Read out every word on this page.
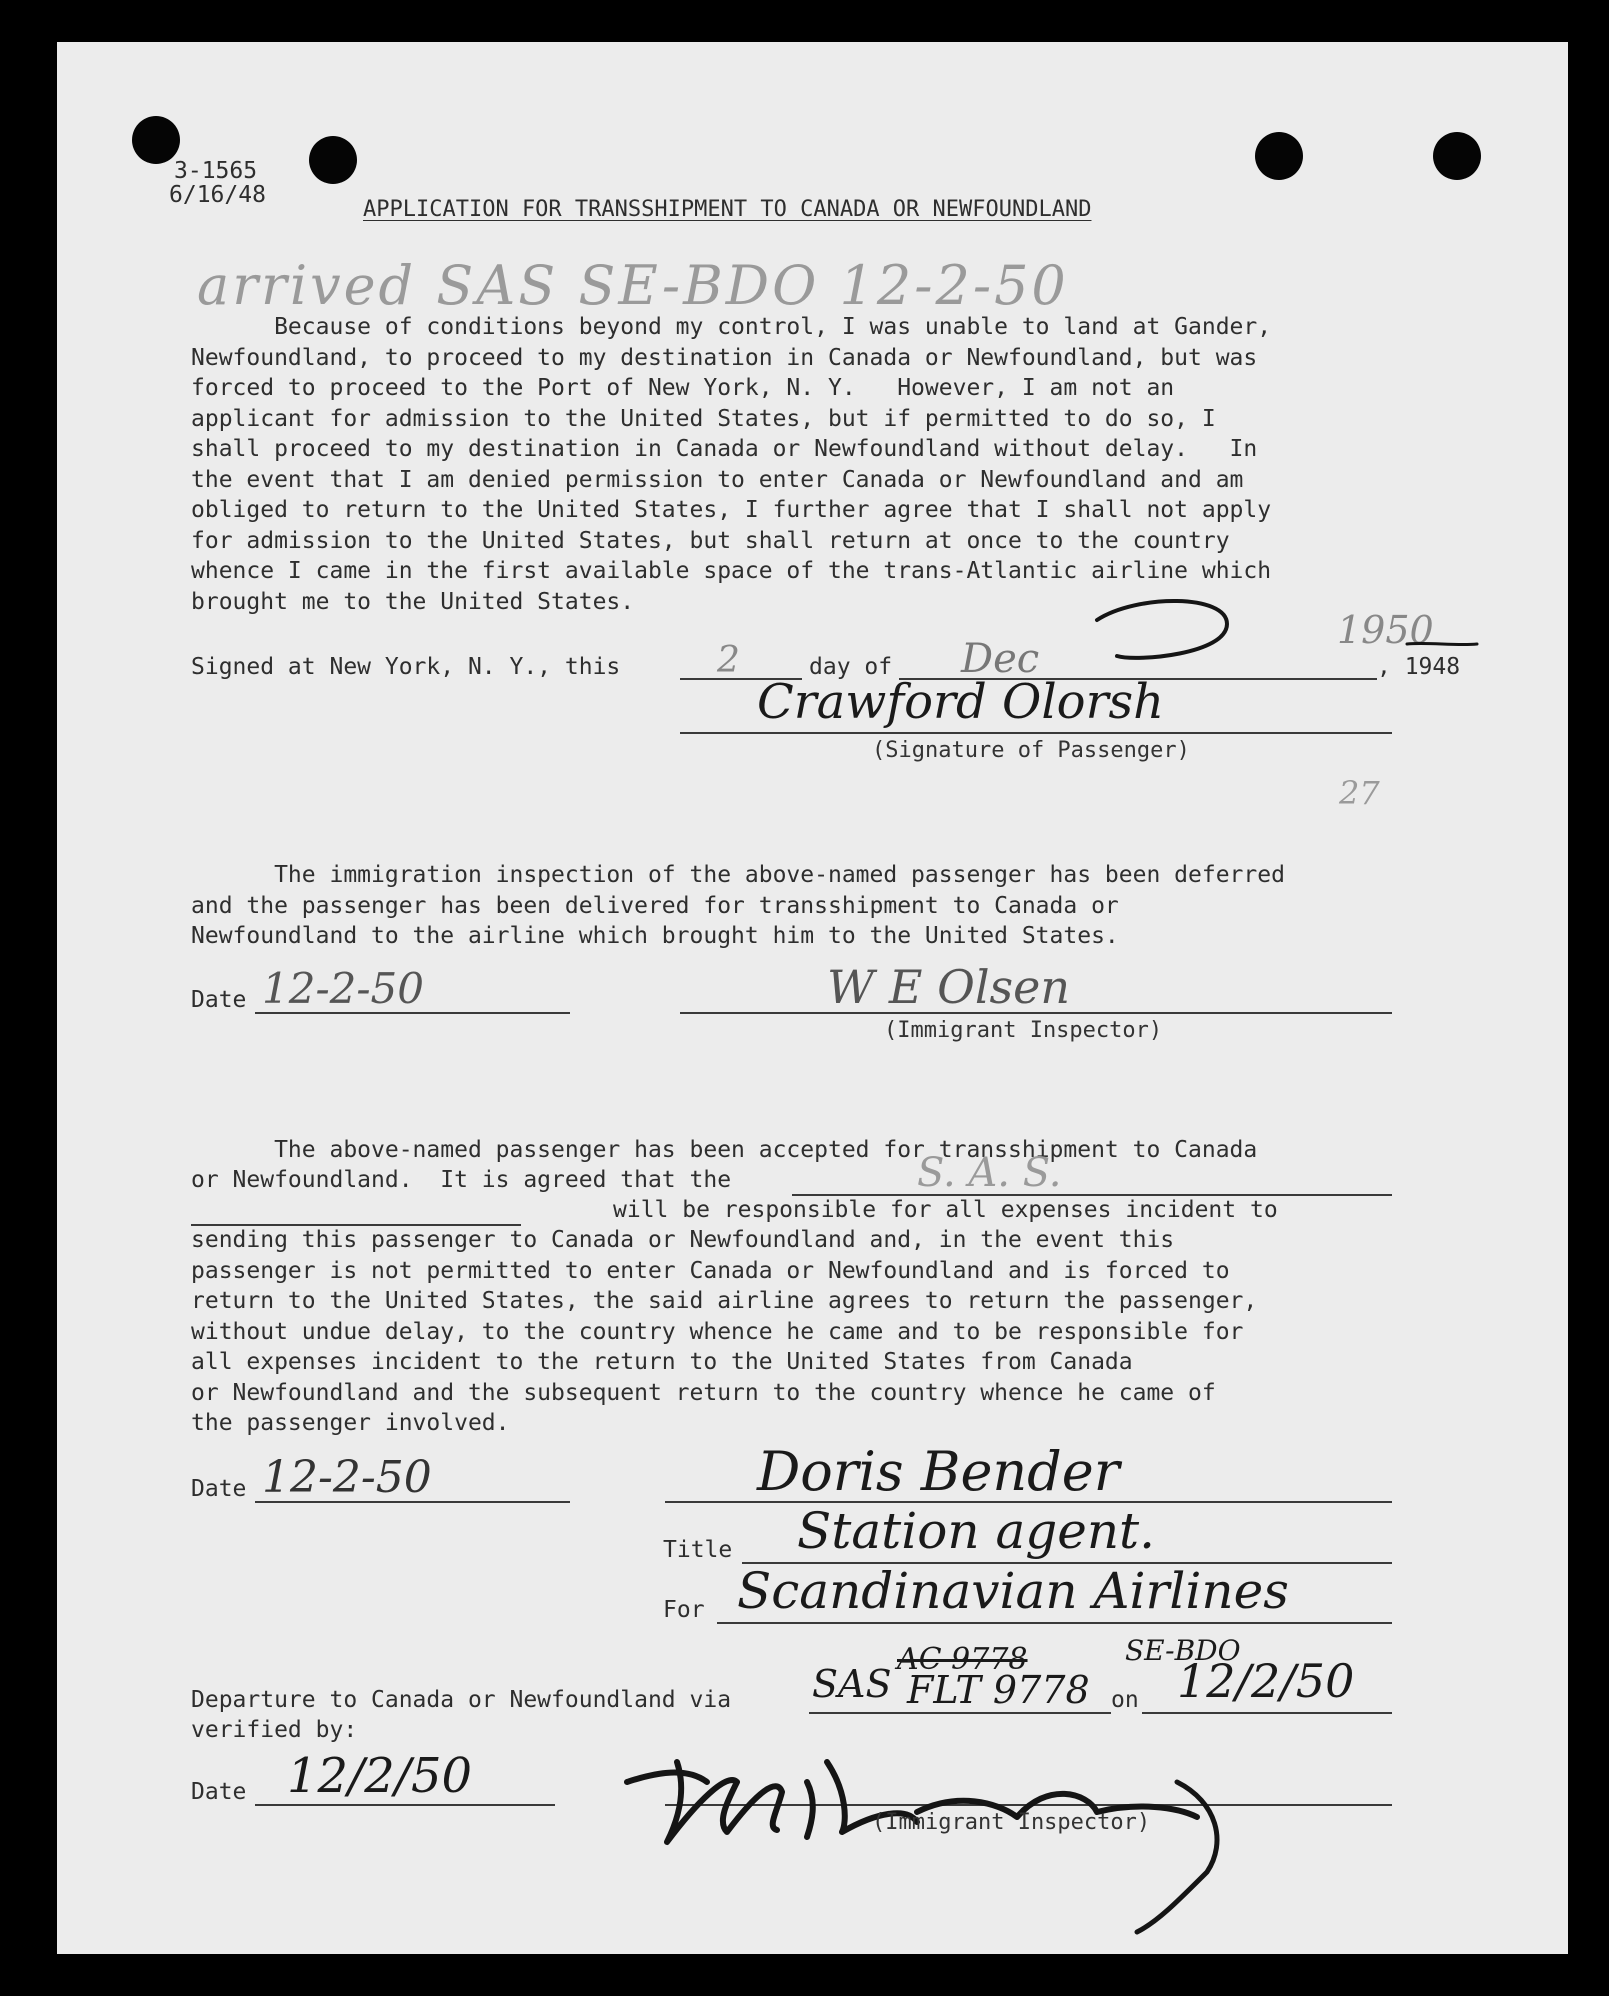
3-1565
6/16/48
APPLICATION FOR TRANSSHIPMENT TO CANADA OR NEWFOUNDLAND
arrived SAS SE-BDO 12-2-50
Because of conditions beyond my control, I was unable to land at Gander,
Newfoundland, to proceed to my destination in Canada or Newfoundland, but was
forced to proceed to the Port of New York, N. Y.   However, I am not an
applicant for admission to the United States, but if permitted to do so, I
shall proceed to my destination in Canada or Newfoundland without delay.   In
the event that I am denied permission to enter Canada or Newfoundland and am
obliged to return to the United States, I further agree that I shall not apply
for admission to the United States, but shall return at once to the country
whence I came in the first available space of the trans-Atlantic airline which
brought me to the United States.
Signed at New York, N. Y., this	2	day of Dec	, 1948
1950
Crawford Olorsh
(Signature of Passenger)
27
The immigration inspection of the above-named passenger has been deferred
and the passenger has been delivered for transshipment to Canada or
Newfoundland to the airline which brought him to the United States.
Date 12-2-50	W E Olsen
(Immigrant Inspector)
The above-named passenger has been accepted for transshipment to Canada
or Newfoundland.  It is agreed that the	S. A. S.
will be responsible for all expenses incident to
sending this passenger to Canada or Newfoundland and, in the event this
passenger is not permitted to enter Canada or Newfoundland and is forced to
return to the United States, the said airline agrees to return the passenger,
without undue delay, to the country whence he came and to be responsible for
all expenses incident to the return to the United States from Canada
or Newfoundland and the subsequent return to the country whence he came of
the passenger involved.
Date 12-2-50	Doris Bender
Title Station agent.
For Scandinavian Airlines
Departure to Canada or Newfoundland via
verified by:
SAS
AC 9778	SE-BDO
FLT 9778 on 12/2/50
Date 12/2/50
(Immigrant Inspector)
